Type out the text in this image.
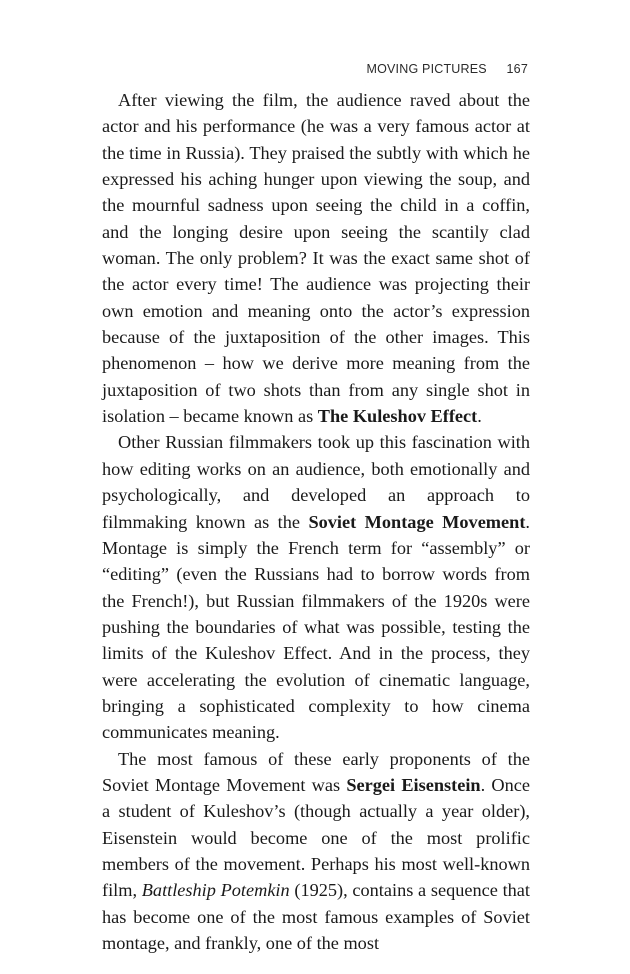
MOVING PICTURES 167

After viewing the film, the audience raved about the actor and his performance (he was a very famous actor at the time in Russia). They praised the subtly with which he expressed his aching hunger upon viewing the soup, and the mournful sadness upon seeing the child in a coffin, and the longing desire upon seeing the scantily clad woman. The only problem? It was the exact same shot of the actor every time! The audience was projecting their own emotion and meaning onto the actor’s expression because of the juxtaposition of the other images. This phenomenon – how we derive more meaning from the juxtaposition of two shots than from any single shot in isolation – became known as The Kuleshov Effect.

Other Russian filmmakers took up this fascination with how editing works on an audience, both emotionally and psychologically, and developed an approach to filmmaking known as the Soviet Montage Movement. Montage is simply the French term for “assembly” or “editing” (even the Russians had to borrow words from the French!), but Russian filmmakers of the 1920s were pushing the boundaries of what was possible, testing the limits of the Kuleshov Effect. And in the process, they were accelerating the evolution of cinematic language, bringing a sophisticated complexity to how cinema communicates meaning.

The most famous of these early proponents of the Soviet Montage Movement was Sergei Eisenstein. Once a student of Kuleshov’s (though actually a year older), Eisenstein would become one of the most prolific members of the movement. Perhaps his most well-known film, Battleship Potemkin (1925), contains a sequence that has become one of the most famous examples of Soviet montage, and frankly, one of the most
